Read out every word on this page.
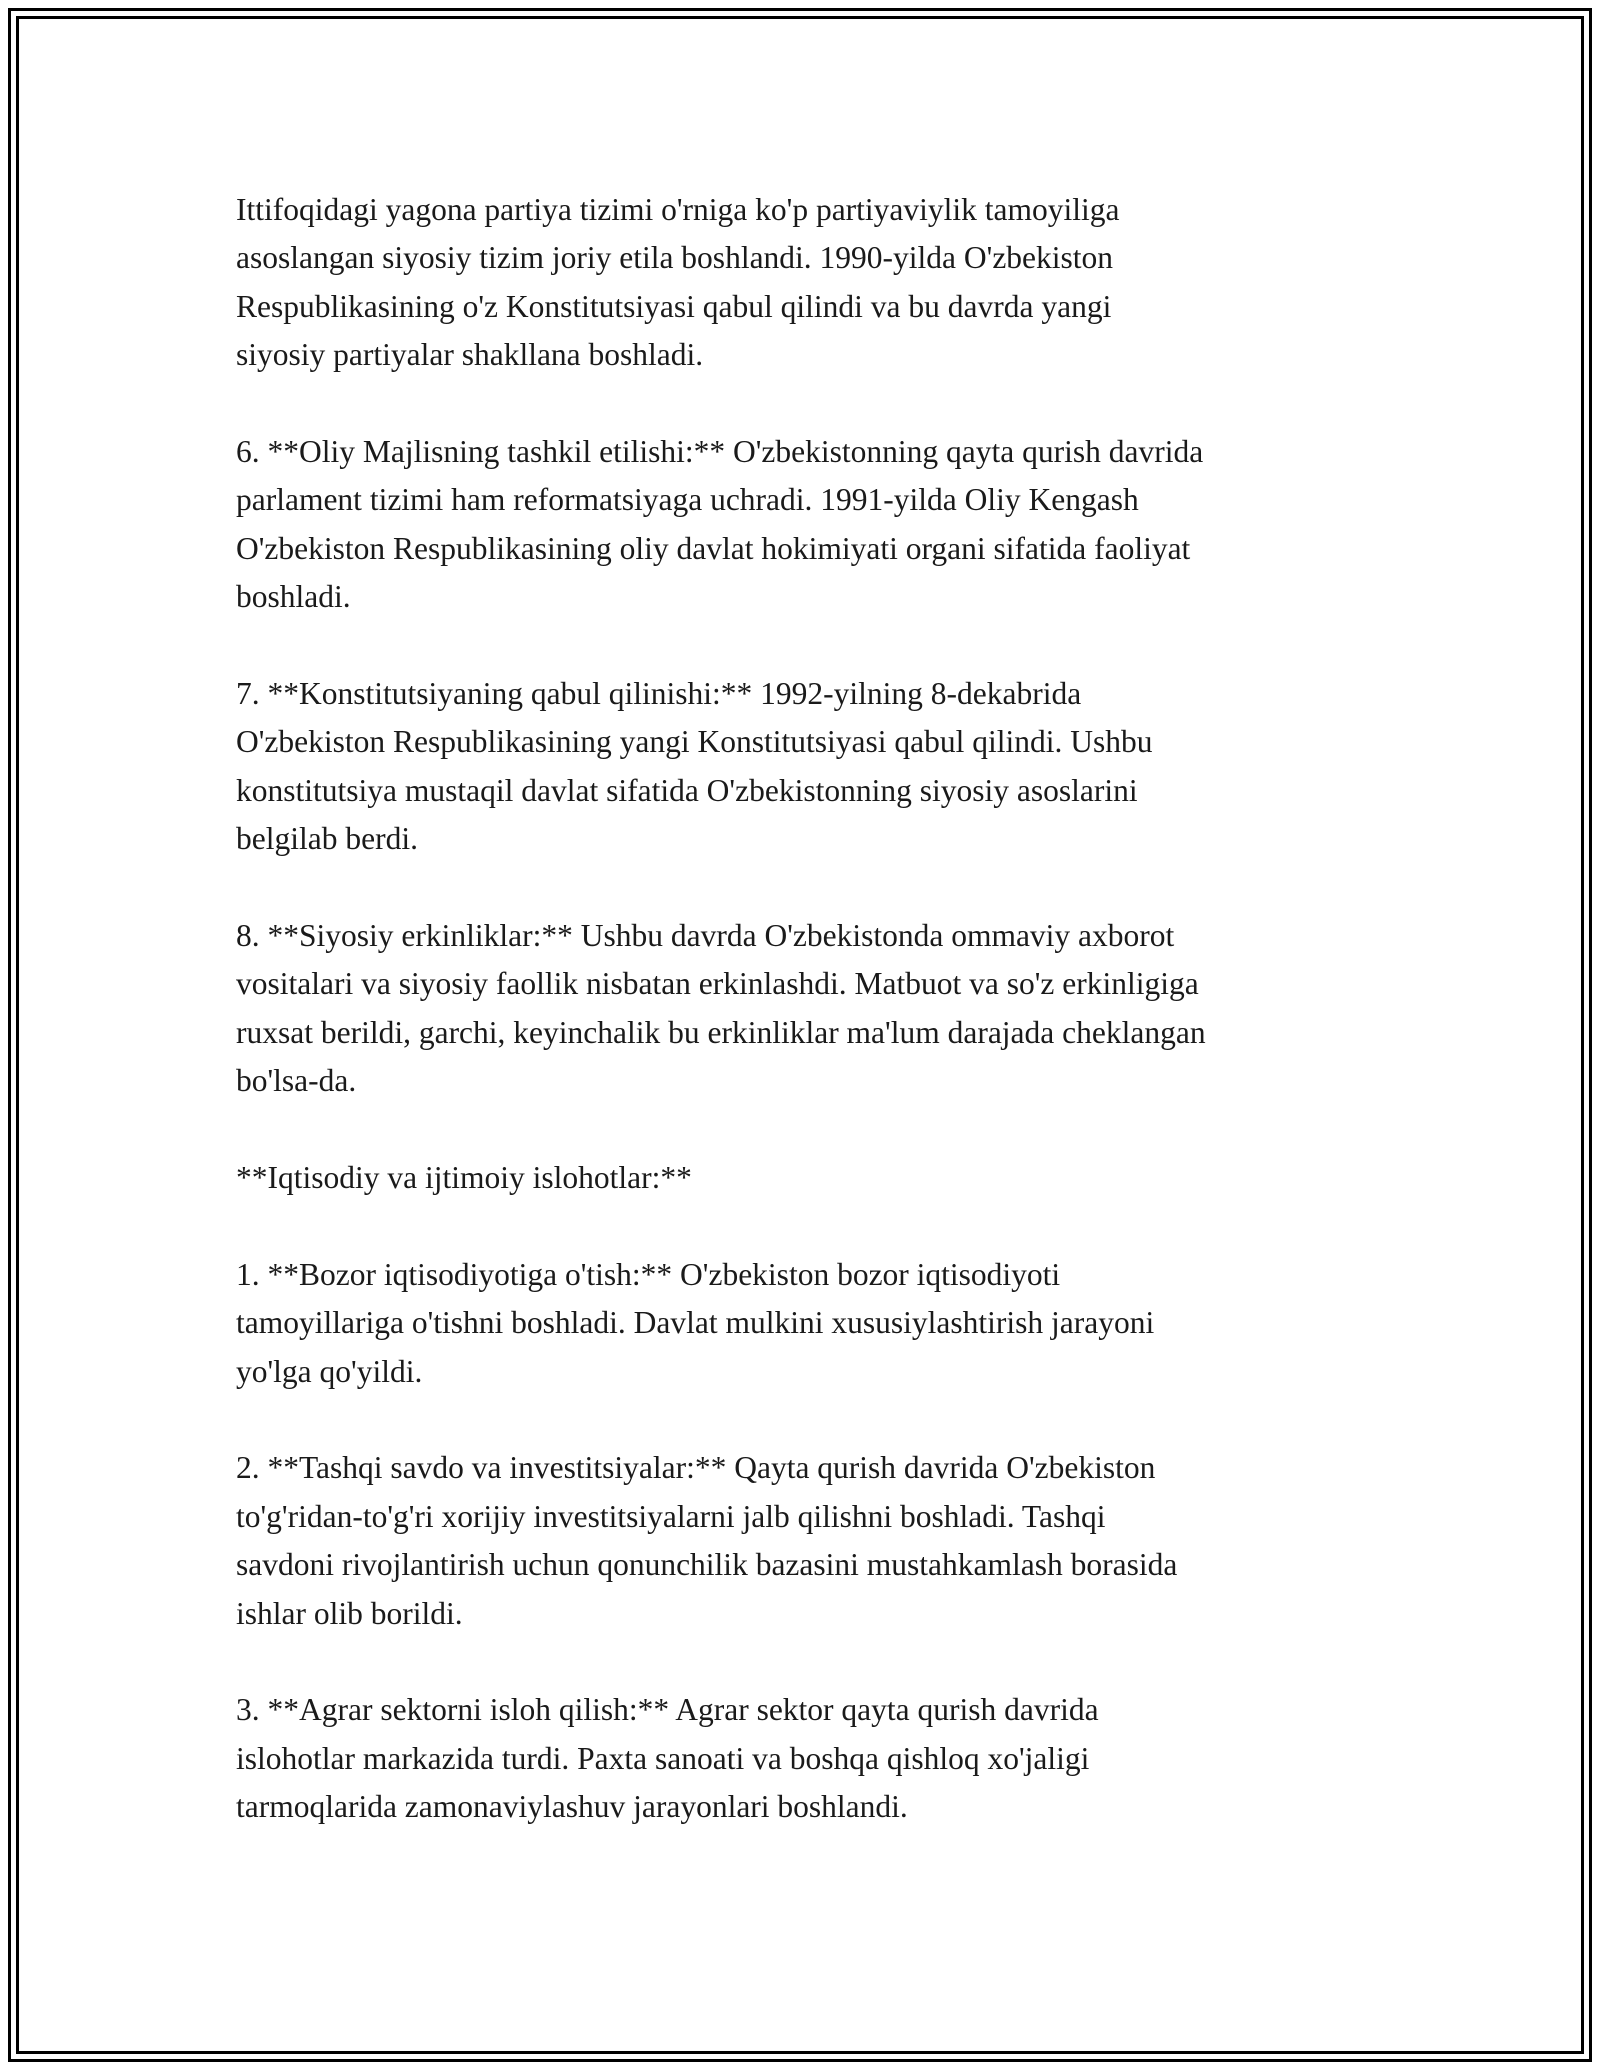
Ittifoqidagi yagona partiya tizimi o'rniga ko'p partiyaviylik tamoyiliga
asoslangan siyosiy tizim joriy etila boshlandi. 1990-yilda O'zbekiston
Respublikasining o'z Konstitutsiyasi qabul qilindi va bu davrda yangi
siyosiy partiyalar shakllana boshladi.

6. **Oliy Majlisning tashkil etilishi:** O'zbekistonning qayta qurish davrida
parlament tizimi ham reformatsiyaga uchradi. 1991-yilda Oliy Kengash
O'zbekiston Respublikasining oliy davlat hokimiyati organi sifatida faoliyat
boshladi.

7. **Konstitutsiyaning qabul qilinishi:** 1992-yilning 8-dekabrida
O'zbekiston Respublikasining yangi Konstitutsiyasi qabul qilindi. Ushbu
konstitutsiya mustaqil davlat sifatida O'zbekistonning siyosiy asoslarini
belgilab berdi.

8. **Siyosiy erkinliklar:** Ushbu davrda O'zbekistonda ommaviy axborot
vositalari va siyosiy faollik nisbatan erkinlashdi. Matbuot va so'z erkinligiga
ruxsat berildi, garchi, keyinchalik bu erkinliklar ma'lum darajada cheklangan
bo'lsa-da.

**Iqtisodiy va ijtimoiy islohotlar:**

1. **Bozor iqtisodiyotiga o'tish:** O'zbekiston bozor iqtisodiyoti
tamoyillariga o'tishni boshladi. Davlat mulkini xususiylashtirish jarayoni
yo'lga qo'yildi.

2. **Tashqi savdo va investitsiyalar:** Qayta qurish davrida O'zbekiston
to'g'ridan-to'g'ri xorijiy investitsiyalarni jalb qilishni boshladi. Tashqi
savdoni rivojlantirish uchun qonunchilik bazasini mustahkamlash borasida
ishlar olib borildi.

3. **Agrar sektorni isloh qilish:** Agrar sektor qayta qurish davrida
islohotlar markazida turdi. Paxta sanoati va boshqa qishloq xo'jaligi
tarmoqlarida zamonaviylashuv jarayonlari boshlandi.
